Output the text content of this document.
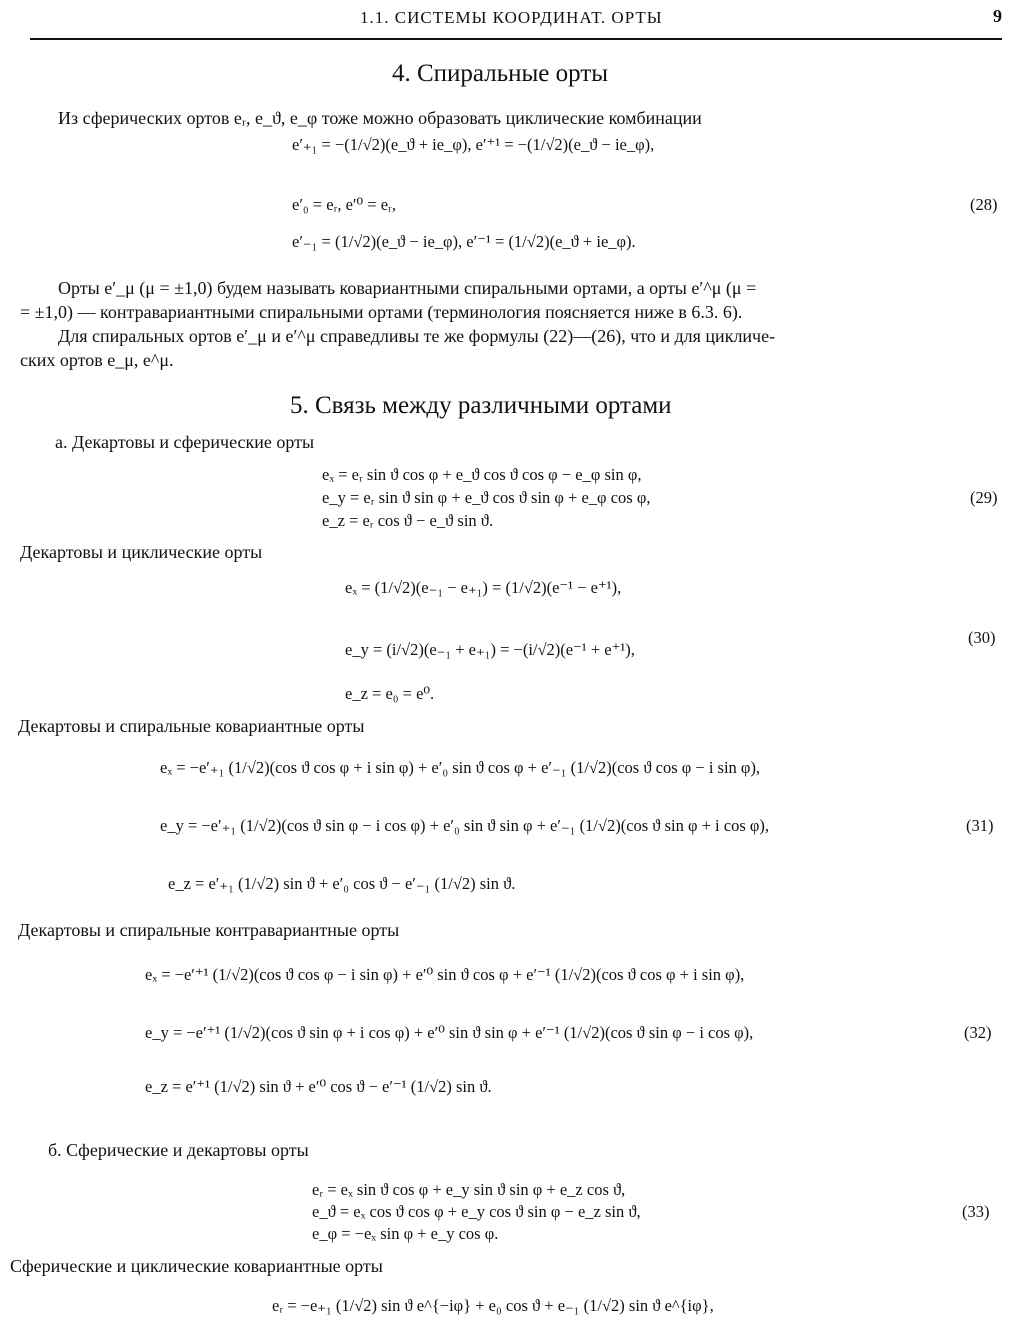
1.1. СИСТЕМЫ КООРДИНАТ. ОРТЫ	9
4. Спиральные орты
Из сферических ортов eᵣ, e_ϑ, e_φ тоже можно образовать циклические комбинации
e′₊₁ = −(1/√2)(e_ϑ + ie_φ), e′⁺¹ = −(1/√2)(e_ϑ − ie_φ),
e′₀ = eᵣ, e′⁰ = eᵣ,
e′₋₁ = (1/√2)(e_ϑ − ie_φ), e′⁻¹ = (1/√2)(e_ϑ + ie_φ).
(28)
Орты e′_μ (μ = ±1,0) будем называть ковариантными спиральными ортами, а орты e′^μ (μ =
= ±1,0) — контравариантными спиральными ортами (терминология поясняется ниже в 6.3. 6).
Для спиральных ортов e′_μ и e′^μ справедливы те же формулы (22)—(26), что и для цикличе-
ских ортов e_μ, e^μ.
5. Связь между различными ортами
а. Декартовы и сферические орты
eₓ = eᵣ sin ϑ cos φ + e_ϑ cos ϑ cos φ − e_φ sin φ,
e_y = eᵣ sin ϑ sin φ + e_ϑ cos ϑ sin φ + e_φ cos φ,
e_z = eᵣ cos ϑ − e_ϑ sin ϑ.
(29)
Декартовы и циклические орты
eₓ = (1/√2)(e₋₁ − e₊₁) = (1/√2)(e⁻¹ − e⁺¹),
e_y = (i/√2)(e₋₁ + e₊₁) = −(i/√2)(e⁻¹ + e⁺¹),
e_z = e₀ = e⁰.
(30)
Декартовы и спиральные ковариантные орты
eₓ = −e′₊₁ (1/√2)(cos ϑ cos φ + i sin φ) + e′₀ sin ϑ cos φ + e′₋₁ (1/√2)(cos ϑ cos φ − i sin φ),
e_y = −e′₊₁ (1/√2)(cos ϑ sin φ − i cos φ) + e′₀ sin ϑ sin φ + e′₋₁ (1/√2)(cos ϑ sin φ + i cos φ),
e_z = e′₊₁ (1/√2) sin ϑ + e′₀ cos ϑ − e′₋₁ (1/√2) sin ϑ.
(31)
Декартовы и спиральные контравариантные орты
eₓ = −e′⁺¹ (1/√2)(cos ϑ cos φ − i sin φ) + e′⁰ sin ϑ cos φ + e′⁻¹ (1/√2)(cos ϑ cos φ + i sin φ),
e_y = −e′⁺¹ (1/√2)(cos ϑ sin φ + i cos φ) + e′⁰ sin ϑ sin φ + e′⁻¹ (1/√2)(cos ϑ sin φ − i cos φ),
e_z = e′⁺¹ (1/√2) sin ϑ + e′⁰ cos ϑ − e′⁻¹ (1/√2) sin ϑ.
(32)
б. Сферические и декартовы орты
eᵣ = eₓ sin ϑ cos φ + e_y sin ϑ sin φ + e_z cos ϑ,
e_ϑ = eₓ cos ϑ cos φ + e_y cos ϑ sin φ − e_z sin ϑ,
e_φ = −eₓ sin φ + e_y cos φ.
(33)
Сферические и циклические ковариантные орты
eᵣ = −e₊₁ (1/√2) sin ϑ e^{−iφ} + e₀ cos ϑ + e₋₁ (1/√2) sin ϑ e^{iφ},
